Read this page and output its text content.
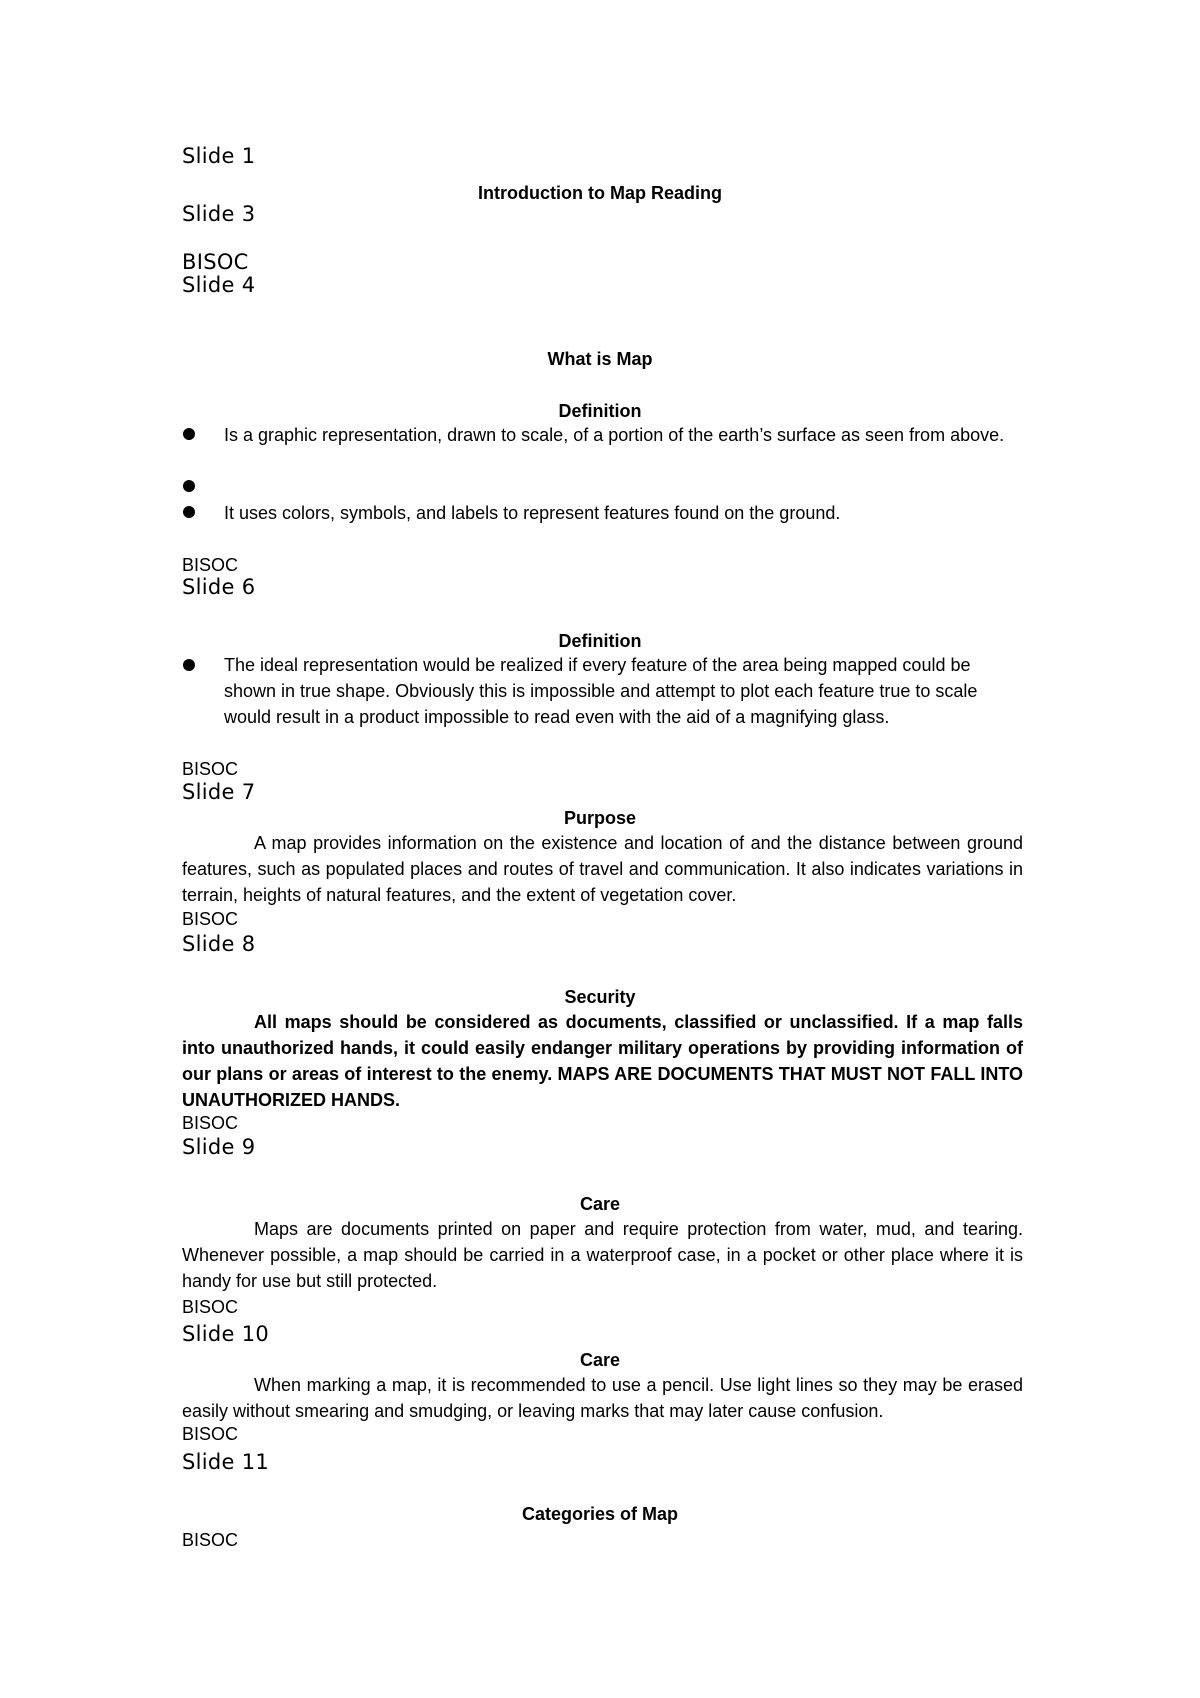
Slide 1
Introduction to Map Reading
Slide 3
BISOC
Slide 4
What is Map
Definition
Is a graphic representation, drawn to scale, of a portion of the earth’s surface as seen from above.
It uses colors, symbols, and labels to represent features found on the ground.
BISOC
Slide 6
Definition
The ideal representation would be realized if every feature of the area being mapped could be shown in true shape. Obviously this is impossible and attempt to plot each feature true to scale would result in a product impossible to read even with the aid of a magnifying glass.
BISOC
Slide 7
Purpose
A map provides information on the existence and location of and the distance between ground features, such as populated places and routes of travel and communication. It also indicates variations in terrain, heights of natural features, and the extent of vegetation cover.
BISOC
Slide 8
Security
All maps should be considered as documents, classified or unclassified. If a map falls into unauthorized hands, it could easily endanger military operations by providing information of our plans or areas of interest to the enemy. MAPS ARE DOCUMENTS THAT MUST NOT FALL INTO UNAUTHORIZED HANDS.
BISOC
Slide 9
Care
Maps are documents printed on paper and require protection from water, mud, and tearing. Whenever possible, a map should be carried in a waterproof case, in a pocket or other place where it is handy for use but still protected.
BISOC
Slide 10
Care
When marking a map, it is recommended to use a pencil. Use light lines so they may be erased easily without smearing and smudging, or leaving marks that may later cause confusion.
BISOC
Slide 11
Categories of Map
BISOC
